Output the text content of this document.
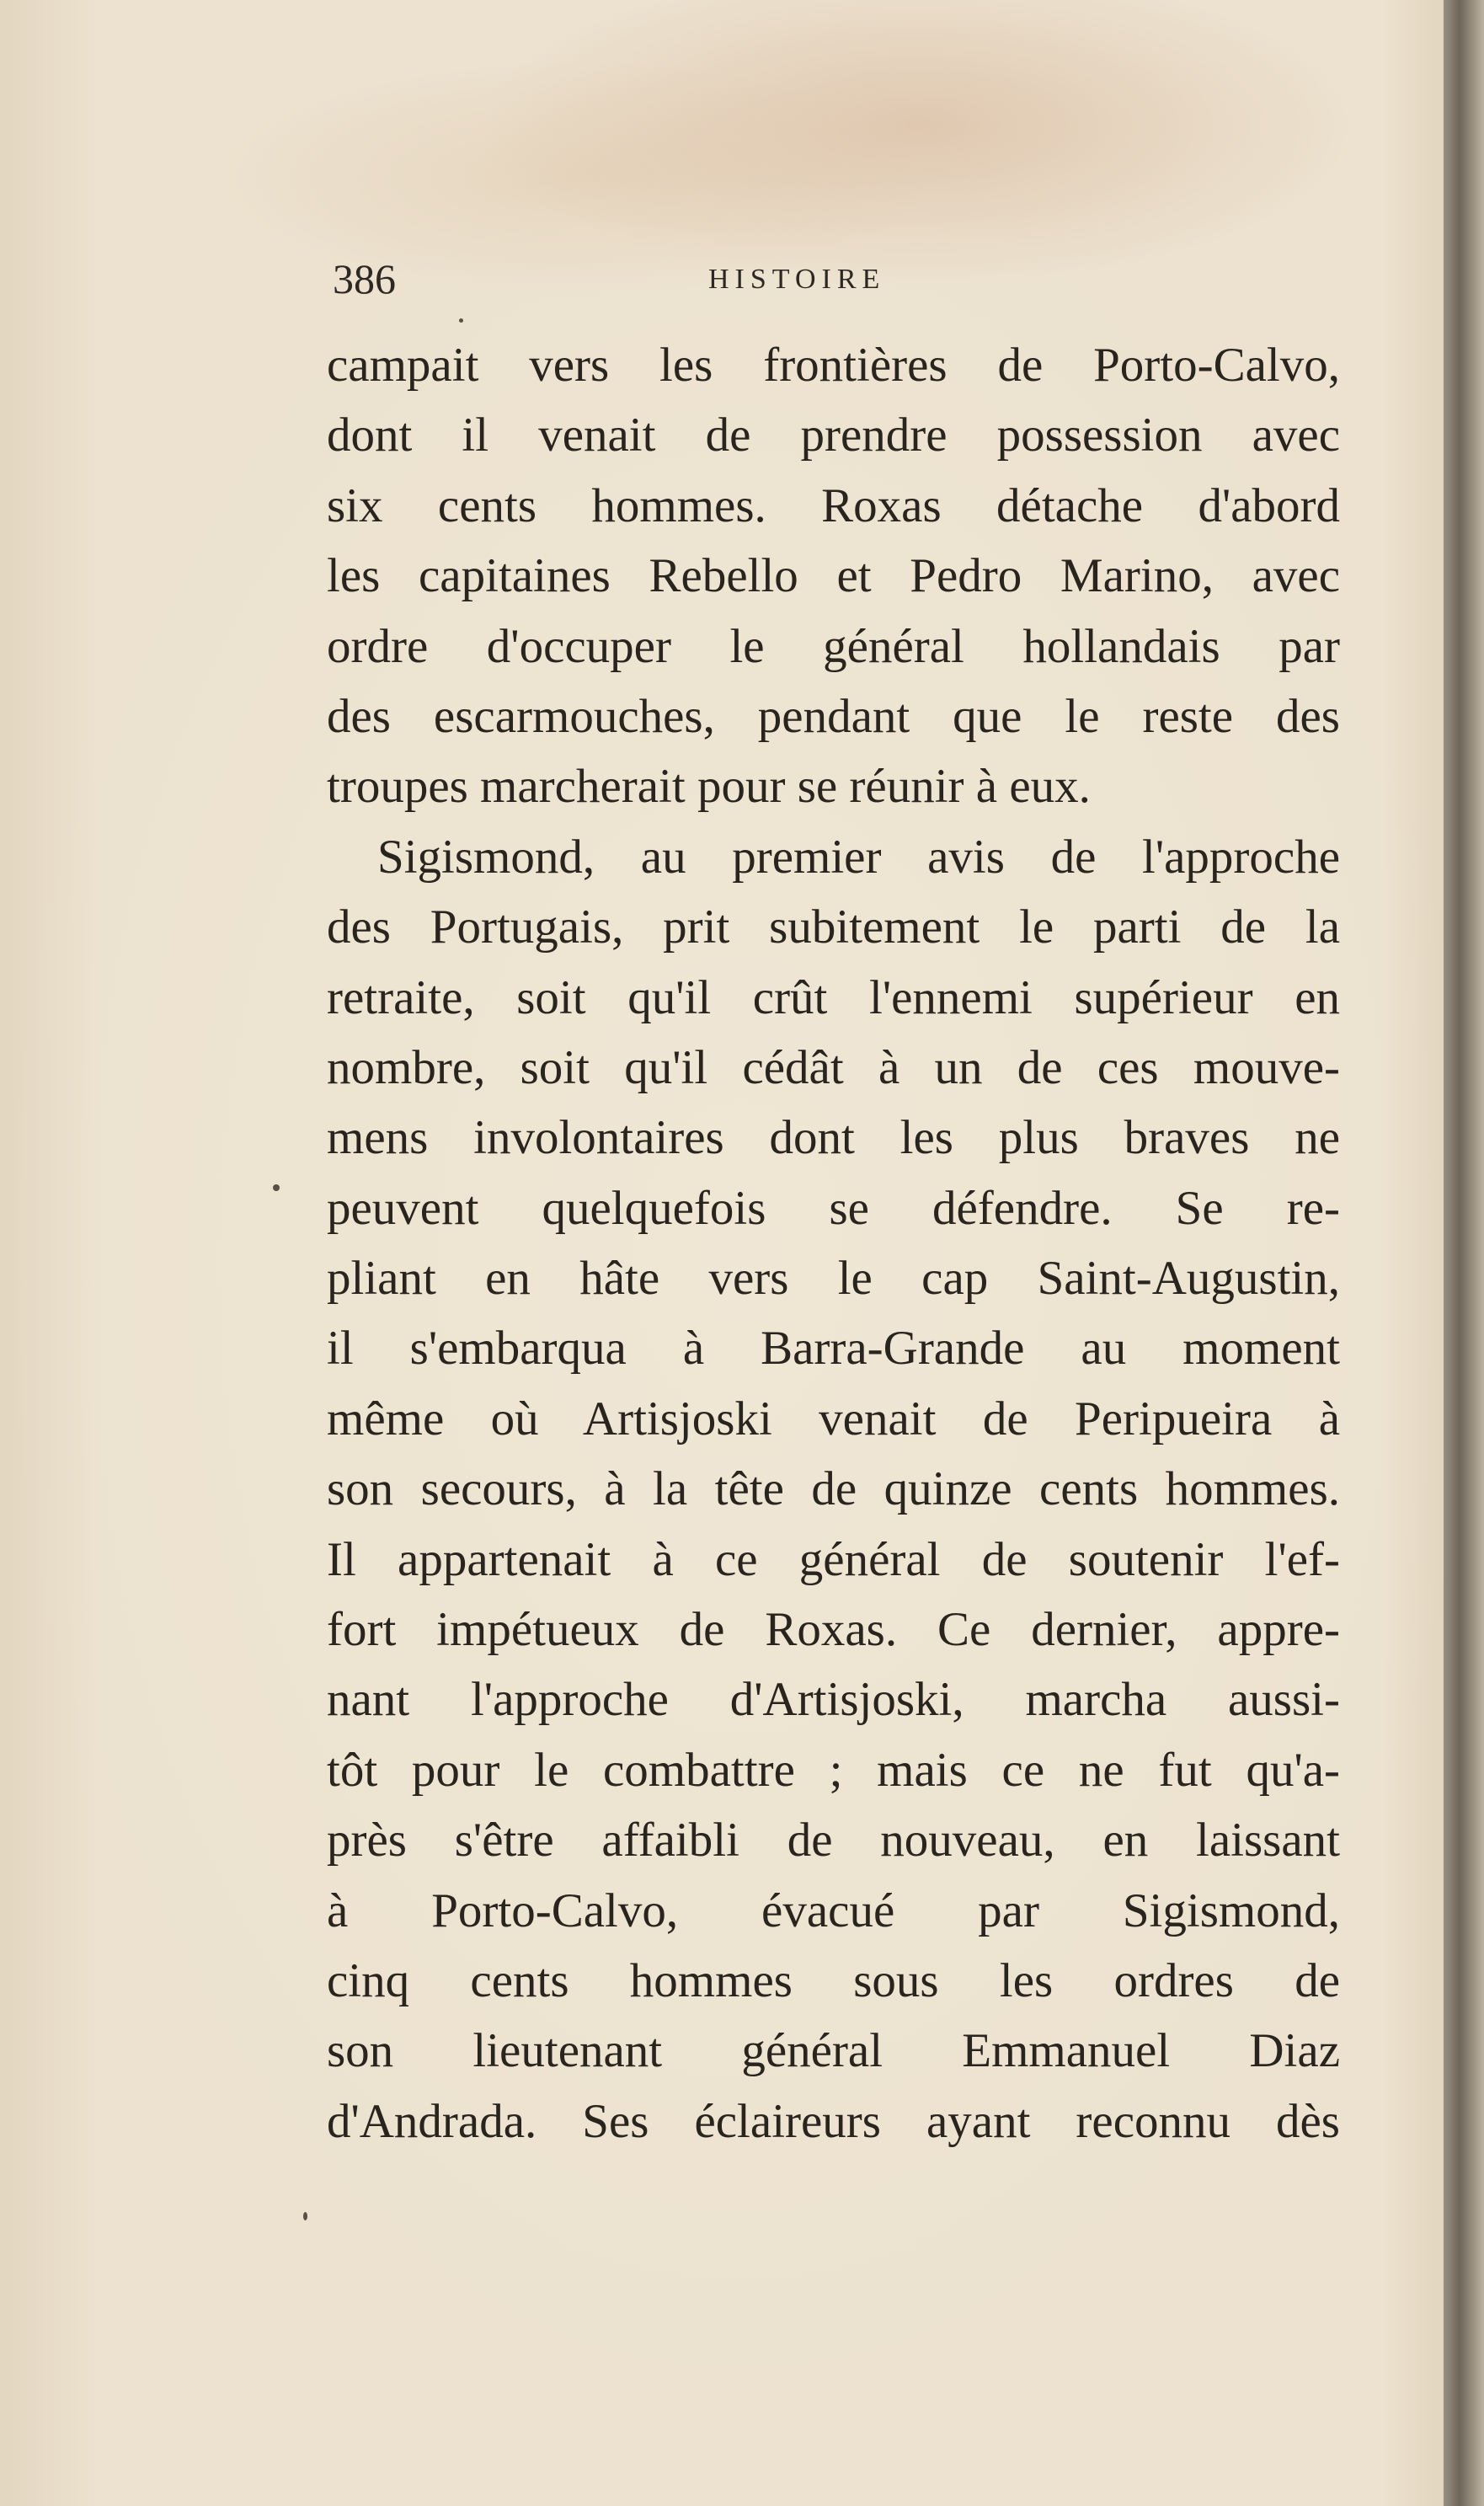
386	HISTOIRE
campait vers les frontières de Porto-Calvo,
dont il venait de prendre possession avec
six cents hommes. Roxas détache d'abord
les capitaines Rebello et Pedro Marino, avec
ordre d'occuper le général hollandais par
des escarmouches, pendant que le reste des
troupes marcherait pour se réunir à eux.
Sigismond, au premier avis de l'approche
des Portugais, prit subitement le parti de la
retraite, soit qu'il crût l'ennemi supérieur en
nombre, soit qu'il cédât à un de ces mouve-
mens involontaires dont les plus braves ne
peuvent quelquefois se défendre. Se re-
pliant en hâte vers le cap Saint-Augustin,
il s'embarqua à Barra-Grande au moment
même où Artisjoski venait de Peripueira à
son secours, à la tête de quinze cents hommes.
Il appartenait à ce général de soutenir l'ef-
fort impétueux de Roxas. Ce dernier, appre-
nant l'approche d'Artisjoski, marcha aussi-
tôt pour le combattre ; mais ce ne fut qu'a-
près s'être affaibli de nouveau, en laissant
à Porto-Calvo, évacué par Sigismond,
cinq cents hommes sous les ordres de
son lieutenant général Emmanuel Diaz
d'Andrada. Ses éclaireurs ayant reconnu dès
